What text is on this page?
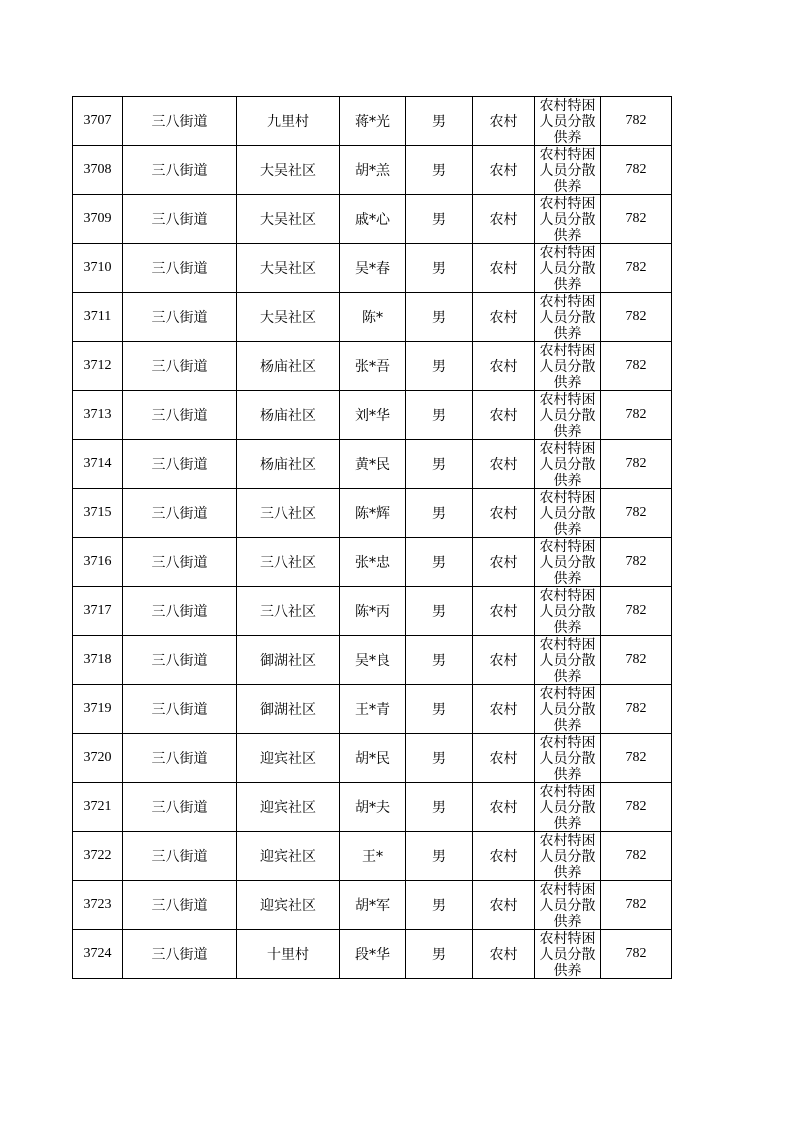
3707	三八街道	九里村	蒋*光	男	农村	农村特困人员分散供养	782
3708	三八街道	大吴社区	胡*羔	男	农村	农村特困人员分散供养	782
3709	三八街道	大吴社区	戚*心	男	农村	农村特困人员分散供养	782
3710	三八街道	大吴社区	吴*春	男	农村	农村特困人员分散供养	782
3711	三八街道	大吴社区	陈*	男	农村	农村特困人员分散供养	782
3712	三八街道	杨庙社区	张*吾	男	农村	农村特困人员分散供养	782
3713	三八街道	杨庙社区	刘*华	男	农村	农村特困人员分散供养	782
3714	三八街道	杨庙社区	黄*民	男	农村	农村特困人员分散供养	782
3715	三八街道	三八社区	陈*辉	男	农村	农村特困人员分散供养	782
3716	三八街道	三八社区	张*忠	男	农村	农村特困人员分散供养	782
3717	三八街道	三八社区	陈*丙	男	农村	农村特困人员分散供养	782
3718	三八街道	御湖社区	吴*良	男	农村	农村特困人员分散供养	782
3719	三八街道	御湖社区	王*青	男	农村	农村特困人员分散供养	782
3720	三八街道	迎宾社区	胡*民	男	农村	农村特困人员分散供养	782
3721	三八街道	迎宾社区	胡*夫	男	农村	农村特困人员分散供养	782
3722	三八街道	迎宾社区	王*	男	农村	农村特困人员分散供养	782
3723	三八街道	迎宾社区	胡*军	男	农村	农村特困人员分散供养	782
3724	三八街道	十里村	段*华	男	农村	农村特困人员分散供养	782
